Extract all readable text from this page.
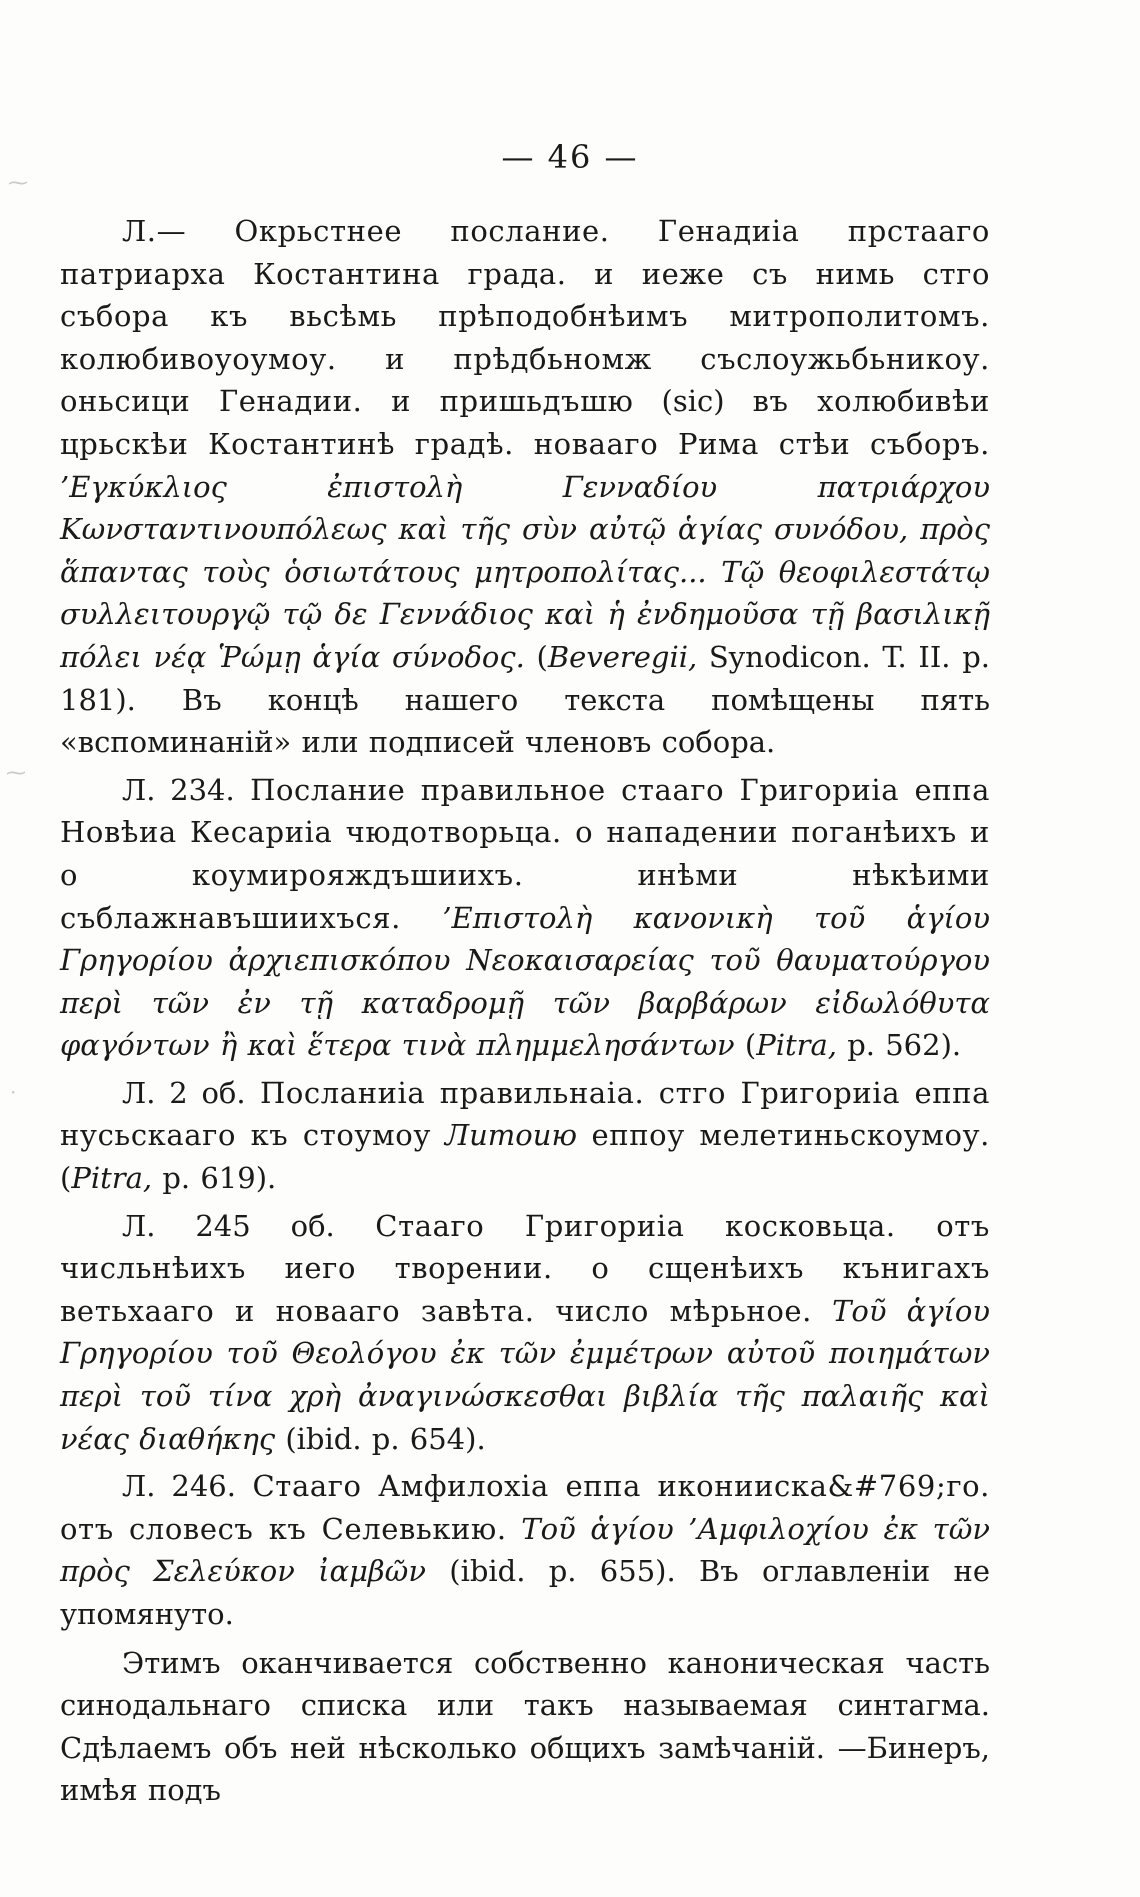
— 46 —

Л.— Окрьстнее посланиe. Генадиia прстаaго патриарха Костантина града. и иеже съ нимь стго събора къ вьсѣмь прѣподобнѣимъ митрополитомъ. колюбивоуоумоу. и прѣдбьномж съслоужьбьникоу. оньсици Генадии. и пришьдъшю (sic) въ холюбивѣи црьскѣи Костантинѣ градѣ. новааго Рима стѣи съборъ. ’Εγκύκλιος ἐπιστολὴ Γενναδίου πατριάρχου Κωνσταντινουπόλεως καὶ τῆς σὺν αὐτῷ ἁγίας συνόδου, πρὸς ἅπαντας τοὺς ὁσιωτάτους μητροπολίτας... Τῷ θεοφιλεστάτῳ συλλειτουργῷ τῷ δε Γεννάδιος καὶ ἡ ἐνδημοῦσα τῇ βασιλικῇ πόλει νέᾳ Ῥώμῃ ἁγία σύνοδος. (Beveregii, Synodicon. T. II. p. 181). Въ концѣ нашего текста помѣщены пять «вспоминаній» или подписей членовъ собора.

Л. 234. Посланиe правильное стаaго Григориia еппа Новѣиа Кесариia чюдотворьца. о нападении поганѣихъ и о коумирояждъшиихъ. инѣми нѣкѣими съблажнавъшиихъся. ’Επιστολὴ κανονικὴ τοῦ ἁγίου Γρηγορίου ἀρχιεπισκόπου Νεοκαισαρείας τοῦ θαυματούργου περὶ τῶν ἐν τῇ καταδρομῇ τῶν βαρβάρων εἰδωλόθυτα φαγόντων ἢ καὶ ἕτερα τινὰ πλημμελησάντων (Pitra, p. 562).

Л. 2 об. Посланиia правильнаia. стго Григориia еппа нусьскaаго къ стоумоу Литоию еппоу мелетиньскоумоу. (Pitra, p. 619).

Л. 245 об. Стаaго Григориia косковьца. отъ числьнѣихъ иего творении. о сщенѣихъ кънигахъ ветьхааго и новааго завѣта. число мѣрьное. Τοῦ ἁγίου Γρηγορίου τοῦ Θεολόγου ἐκ τῶν ἐμμέτρων αὐτοῦ ποιημάτων περὶ τοῦ τίνα χρὴ ἀναγινώσκεσθαι βιβλία τῆς παλαιῆς καὶ νέας διαθήκης (ibid. p. 654).

Л. 246. Стаaго Амфилохіа еппа иконииска&#769;го. отъ словесъ къ Селевькию. Τοῦ ἁγίου ’Αμφιλοχίου ἐκ τῶν πρὸς Σελεύκον ἰαμβῶν (ibid. p. 655). Въ оглавленіи не упомянуто.

Этимъ оканчивается собственно каноническая часть синодальнаго списка или такъ называемая синтагма. Сдѣлаемъ объ ней нѣсколько общихъ замѣчаній. —Бинеръ, имѣя подъ

⁓
⁓
·
